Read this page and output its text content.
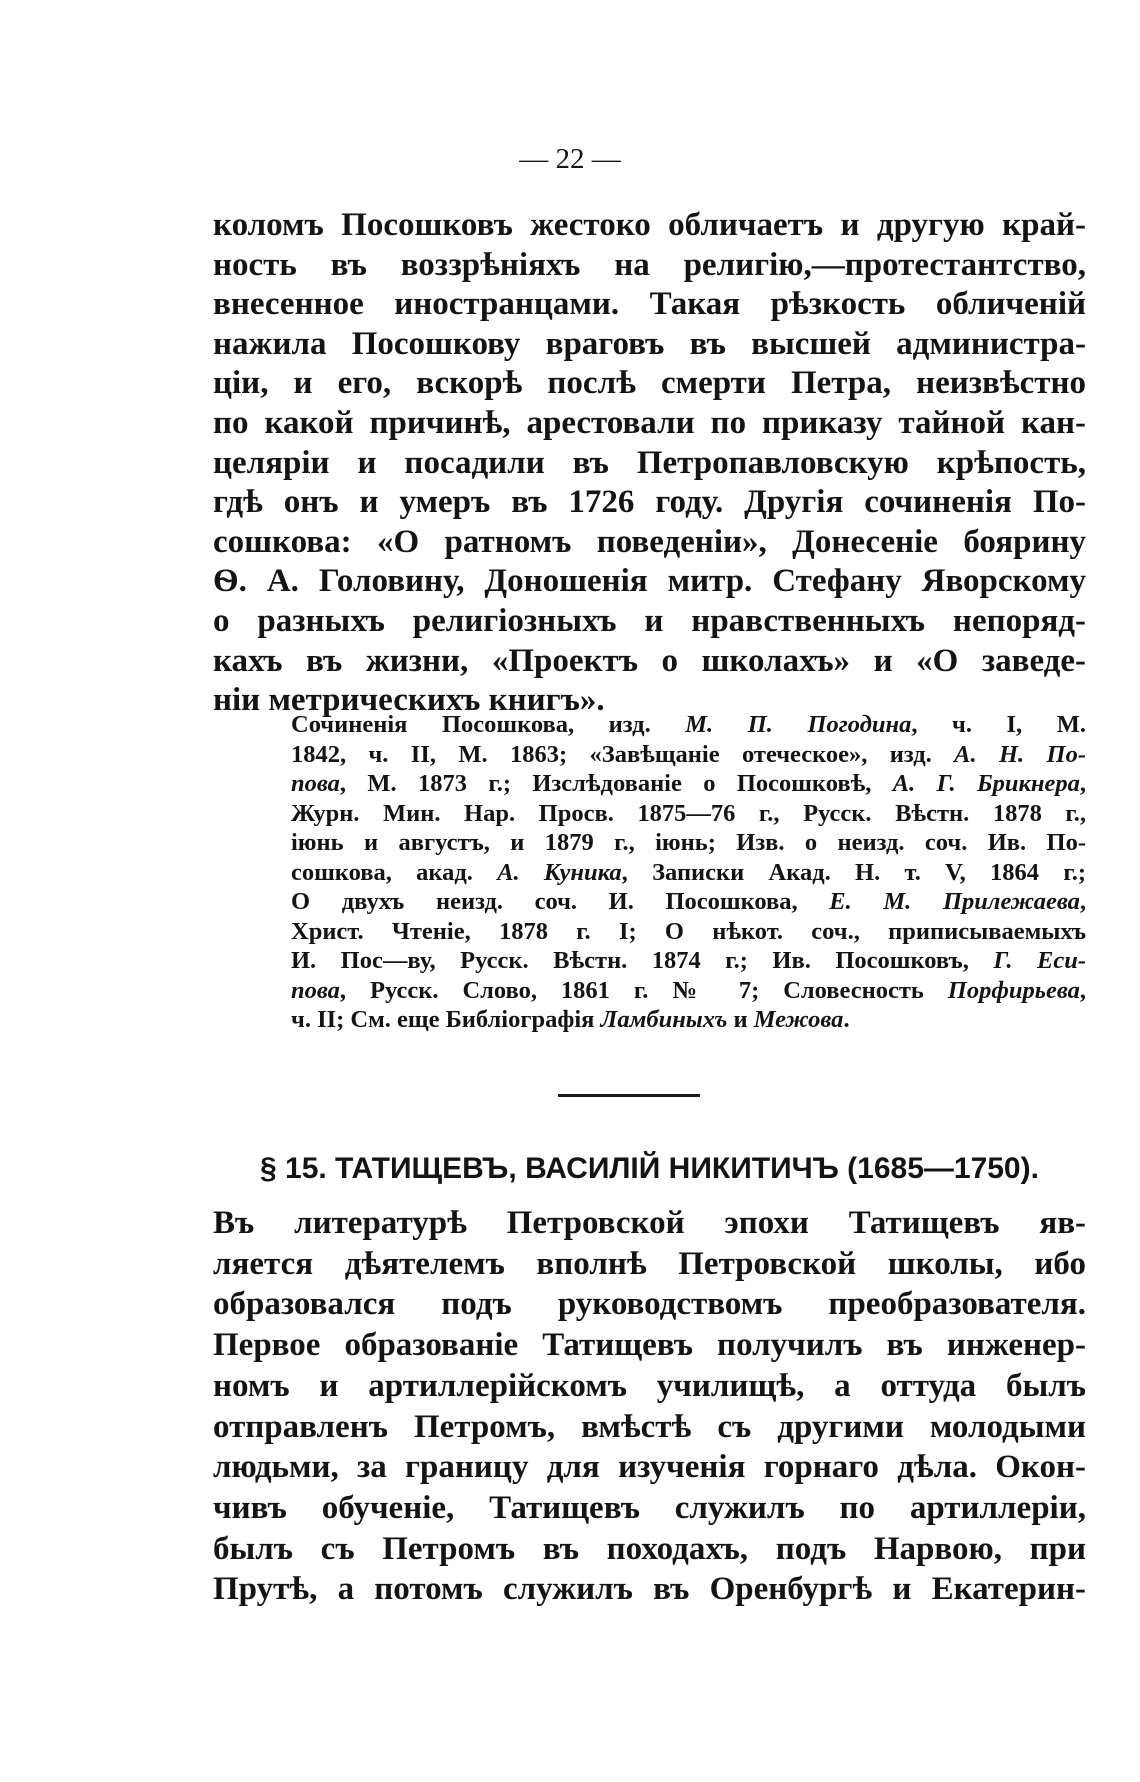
— 22 —
коломъ Посошковъ жестоко обличаетъ и другую край-
ность въ воззрѣніяхъ на религію,—протестантство,
внесенное иностранцами. Такая рѣзкость обличеній
нажила Посошкову враговъ въ высшей администра-
ціи, и его, вскорѣ послѣ смерти Петра, неизвѣстно
по какой причинѣ, арестовали по приказу тайной кан-
целяріи и посадили въ Петропавловскую крѣпость,
гдѣ онъ и умеръ въ 1726 году. Другія сочиненія По-
сошкова: «О ратномъ поведеніи», Донесеніе боярину
Ѳ. А. Головину, Доношенія митр. Стефану Яворскому
о разныхъ религіозныхъ и нравственныхъ непоряд-
кахъ въ жизни, «Проектъ о школахъ» и «О заведе-
ніи метрическихъ книгъ».
Сочиненія Посошкова, изд. М. П. Погодина, ч. I, М.
1842, ч. II, М. 1863; «Завѣщаніе отеческое», изд. А. Н. По-
пова, М. 1873 г.; Изслѣдованіе о Посошковѣ, А. Г. Брикнера,
Журн. Мин. Нар. Просв. 1875—76 г., Русск. Вѣстн. 1878 г.,
іюнь и августъ, и 1879 г., іюнь; Изв. о неизд. соч. Ив. По-
сошкова, акад. А. Куника, Записки Акад. Н. т. V, 1864 г.;
О двухъ неизд. соч. И. Посошкова, Е. М. Прилежаева,
Христ. Чтеніе, 1878 г. I; О нѣкот. соч., приписываемыхъ
И. Пос—ву, Русск. Вѣстн. 1874 г.; Ив. Посошковъ, Г. Еси-
пова, Русск. Слово, 1861 г. № 7; Словесность Порфирьева,
ч. II; См. еще Библіографія Ламбиныхъ и Межова.
§ 15. ТАТИЩЕВЪ, ВАСИЛІЙ НИКИТИЧЪ (1685—1750).
Въ литературѣ Петровской эпохи Татищевъ яв-
ляется дѣятелемъ вполнѣ Петровской школы, ибо
образовался подъ руководствомъ преобразователя.
Первое образованіе Татищевъ получилъ въ инженер-
номъ и артиллерійскомъ училищѣ, а оттуда былъ
отправленъ Петромъ, вмѣстѣ съ другими молодыми
людьми, за границу для изученія горнаго дѣла. Окон-
чивъ обученіе, Татищевъ служилъ по артиллеріи,
былъ съ Петромъ въ походахъ, подъ Нарвою, при
Прутѣ, а потомъ служилъ въ Оренбургѣ и Екатерин-
